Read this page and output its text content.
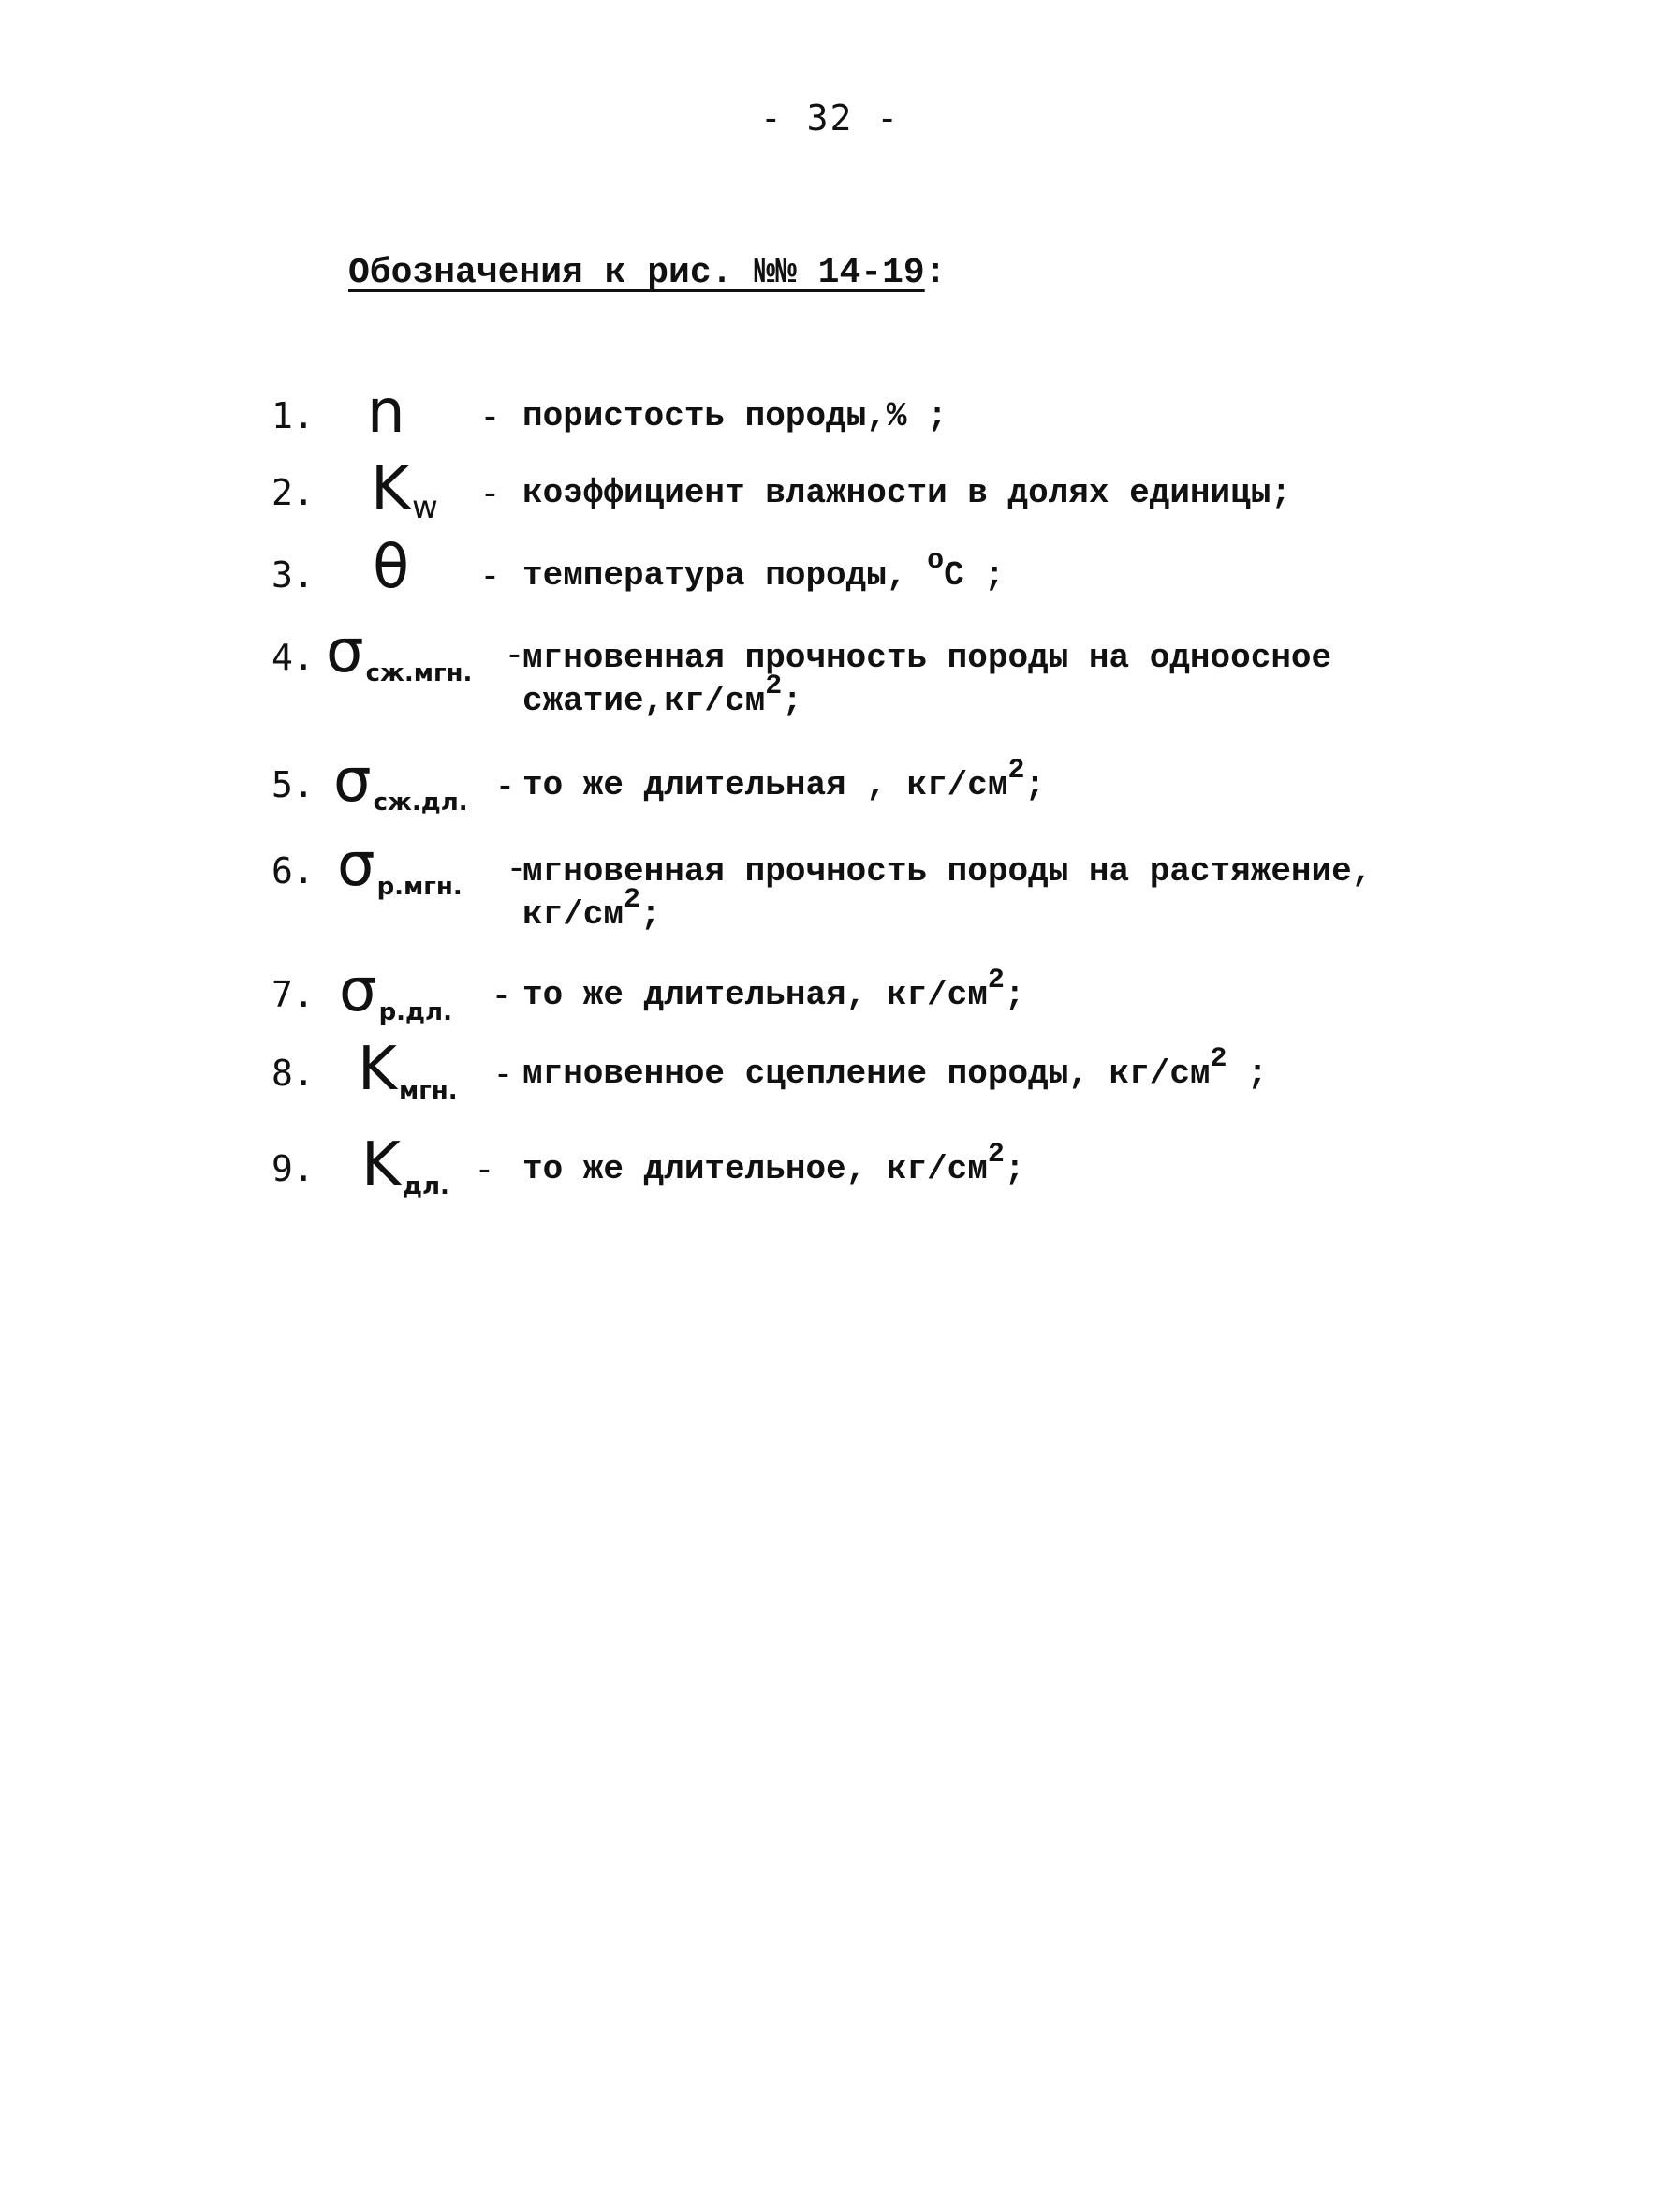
- 32 -
Обозначения к рис. №№ 14-19:
1. n - пористость породы,% ;
2. Kw - коэффициент влажности в долях единицы;
3. θ - температура породы, $^o$C ;
4. σсж.мгн. -
мгновенная прочность породы на одноосное
$сжатие,кг/см^2$;
5. σсж.дл. - то же длительная , $кг/см^2$;
6. σр.мгн. -
мгновенная прочность породы на растяжение,
$кг/см^2$;
7. σр.дл. - то же длительная, $кг/см^2$;
8. Kмгн. - мгновенное сцепление породы, $кг/см^2$ ;
9. Kдл. - то же длительное, $кг/см^2$;
